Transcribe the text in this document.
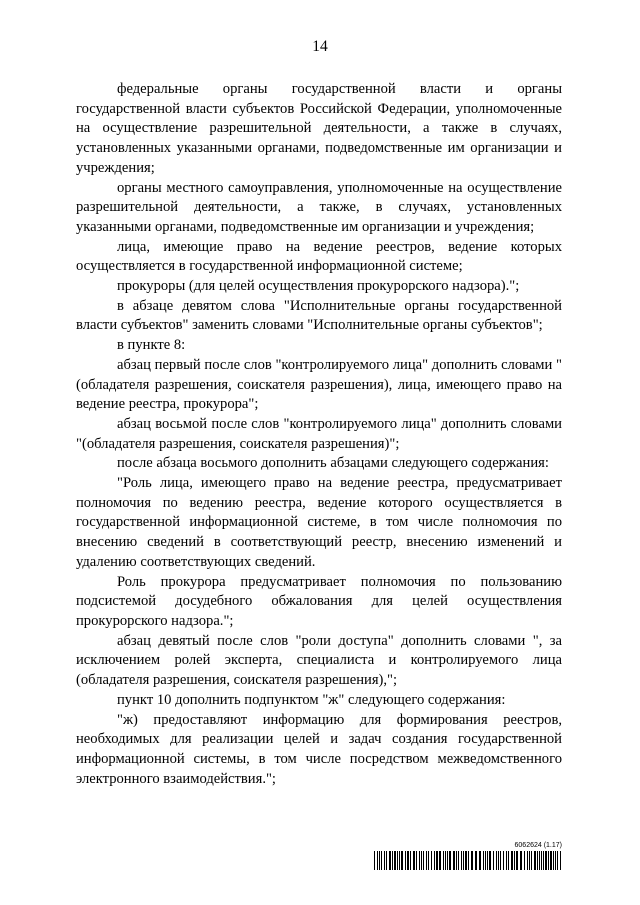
14

федеральные органы государственной власти и органы государственной власти субъектов Российской Федерации, уполномоченные на осуществление разрешительной деятельности, а также в случаях, установленных указанными органами, подведомственные им организации и учреждения;

органы местного самоуправления, уполномоченные на осуществление разрешительной деятельности, а также, в случаях, установленных указанными органами, подведомственные им организации и учреждения;

лица, имеющие право на ведение реестров, ведение которых осуществляется в государственной информационной системе;

прокуроры (для целей осуществления прокурорского надзора).";

в абзаце девятом слова "Исполнительные органы государственной власти субъектов" заменить словами "Исполнительные органы субъектов";

в пункте 8:

абзац первый после слов "контролируемого лица" дополнить словами "(обладателя разрешения, соискателя разрешения), лица, имеющего право на ведение реестра, прокурора";

абзац восьмой после слов "контролируемого лица" дополнить словами "(обладателя разрешения, соискателя разрешения)";

после абзаца восьмого дополнить абзацами следующего содержания:

"Роль лица, имеющего право на ведение реестра, предусматривает полномочия по ведению реестра, ведение которого осуществляется в государственной информационной системе, в том числе полномочия по внесению сведений в соответствующий реестр, внесению изменений и удалению соответствующих сведений.

Роль прокурора предусматривает полномочия по пользованию подсистемой досудебного обжалования для целей осуществления прокурорского надзора.";

абзац девятый после слов "роли доступа" дополнить словами ", за исключением ролей эксперта, специалиста и контролируемого лица (обладателя разрешения, соискателя разрешения),";

пункт 10 дополнить подпунктом "ж" следующего содержания:

"ж) предоставляют информацию для формирования реестров, необходимых для реализации целей и задач создания государственной информационной системы, в том числе посредством межведомственного электронного взаимодействия.";

6062624 (1.17)
